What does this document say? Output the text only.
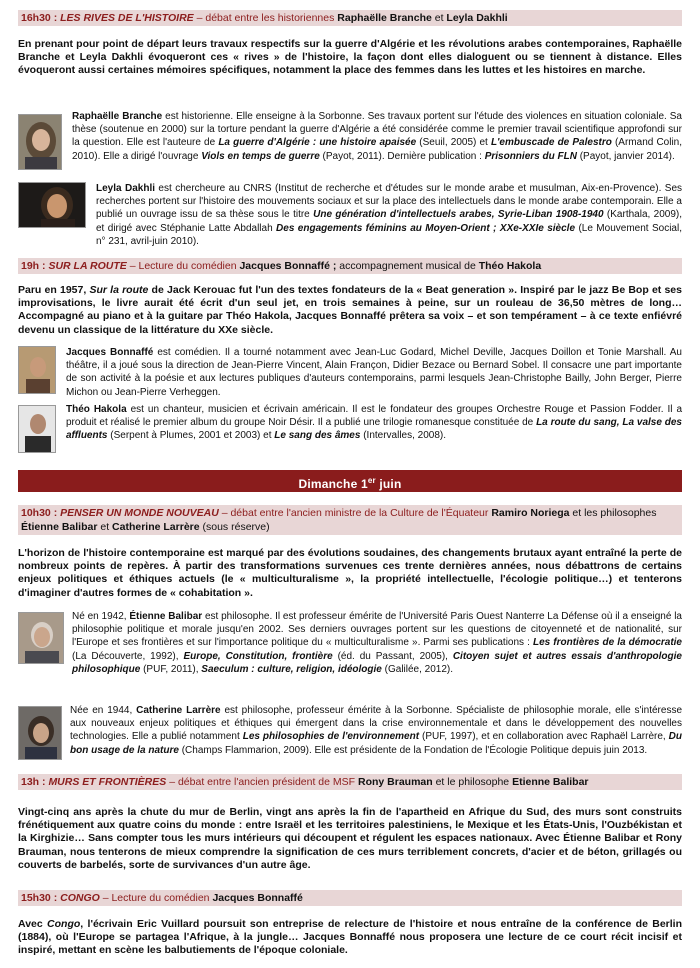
16h30 : LES RIVES DE L'HISTOIRE – débat entre les historiennes Raphaëlle Branche et Leyla Dakhli

En prenant pour point de départ leurs travaux respectifs sur la guerre d'Algérie et les révolutions arabes contemporaines, Raphaëlle Branche et Leyla Dakhli évoqueront ces « rives » de l'histoire, la façon dont elles dialoguent ou se tiennent à distance. Elles évoqueront aussi certaines mémoires spécifiques, notamment la place des femmes dans les luttes et les histoires en marche.

Raphaëlle Branche est historienne. Elle enseigne à la Sorbonne. Ses travaux portent sur l'étude des violences en situation coloniale. Sa thèse (soutenue en 2000) sur la torture pendant la guerre d'Algérie a été considérée comme le premier travail scientifique approfondi sur la question. Elle est l'auteure de La guerre d'Algérie : une histoire apaisée (Seuil, 2005) et L'embuscade de Palestro (Armand Colin, 2010). Elle a dirigé l'ouvrage Viols en temps de guerre (Payot, 2011). Dernière publication : Prisonniers du FLN (Payot, janvier 2014).

Leyla Dakhli est chercheure au CNRS (Institut de recherche et d'études sur le monde arabe et musulman, Aix-en-Provence). Ses recherches portent sur l'histoire des mouvements sociaux et sur la place des intellectuels dans le monde arabe contemporain. Elle a publié un ouvrage issu de sa thèse sous le titre Une génération d'intellectuels arabes, Syrie-Liban 1908-1940 (Karthala, 2009), et dirigé avec Stéphanie Latte Abdallah Des engagements féminins au Moyen-Orient ; XXe-XXIe siècle (Le Mouvement Social, n° 231, avril-juin 2010).

19h : SUR LA ROUTE – Lecture du comédien Jacques Bonnaffé ; accompagnement musical de Théo Hakola

Paru en 1957, Sur la route de Jack Kerouac fut l'un des textes fondateurs de la « Beat generation ». Inspiré par le jazz Be Bop et ses improvisations, le livre aurait été écrit d'un seul jet, en trois semaines à peine, sur un rouleau de 36,50 mètres de long… Accompagné au piano et à la guitare par Théo Hakola, Jacques Bonnaffé prêtera sa voix – et son tempérament – à ce texte enfiévré devenu un classique de la littérature du XXe siècle.

Jacques Bonnaffé est comédien. Il a tourné notamment avec Jean-Luc Godard, Michel Deville, Jacques Doillon et Tonie Marshall. Au théâtre, il a joué sous la direction de Jean-Pierre Vincent, Alain Françon, Didier Bezace ou Bernard Sobel. Il consacre une part importante de son activité à la poésie et aux lectures publiques d'auteurs contemporains, parmi lesquels Jean-Christophe Bailly, John Berger, Pierre Michon ou Jean-Pierre Verheggen.

Théo Hakola est un chanteur, musicien et écrivain américain. Il est le fondateur des groupes Orchestre Rouge et Passion Fodder. Il a produit et réalisé le premier album du groupe Noir Désir. Il a publié une trilogie romanesque constituée de La route du sang, La valse des affluents (Serpent à Plumes, 2001 et 2003) et Le sang des âmes (Intervalles, 2008).

Dimanche 1er juin
10h30 : PENSER UN MONDE NOUVEAU – débat entre l'ancien ministre de la Culture de l'Équateur Ramiro Noriega et les philosophes Étienne Balibar et Catherine Larrère (sous réserve)

L'horizon de l'histoire contemporaine est marqué par des évolutions soudaines, des changements brutaux ayant entraîné la perte de nombreux points de repères. À partir des transformations survenues ces trente dernières années, nous débattrons de certains enjeux politiques et éthiques actuels (le « multiculturalisme », la propriété intellectuelle, l'écologie politique…) et tenterons d'imaginer d'autres formes de « cohabitation ».

Né en 1942, Étienne Balibar est philosophe. Il est professeur émérite de l'Université Paris Ouest Nanterre La Défense où il a enseigné la philosophie politique et morale jusqu'en 2002. Ses derniers ouvrages portent sur les questions de citoyenneté et de nationalité, sur l'Europe et ses frontières et sur l'importance politique du « multiculturalisme ». Parmi ses publications : Les frontières de la démocratie (La Découverte, 1992), Europe, Constitution, frontière (éd. du Passant, 2005), Citoyen sujet et autres essais d'anthropologie philosophique (PUF, 2011), Saeculum : culture, religion, idéologie (Galilée, 2012).

Née en 1944, Catherine Larrère est philosophe, professeur émérite à la Sorbonne. Spécialiste de philosophie morale, elle s'intéresse aux nouveaux enjeux politiques et éthiques qui émergent dans la crise environnementale et dans le développement des nouvelles technologies. Elle a publié notamment Les philosophies de l'environnement (PUF, 1997), et en collaboration avec Raphaël Larrère, Du bon usage de la nature (Champs Flammarion, 2009). Elle est présidente de la Fondation de l'Écologie Politique depuis juin 2013.

13h : MURS ET FRONTIÈRES – débat entre l'ancien président de MSF Rony Brauman et le philosophe Etienne Balibar

Vingt-cinq ans après la chute du mur de Berlin, vingt ans après la fin de l'apartheid en Afrique du Sud, des murs sont construits frénétiquement aux quatre coins du monde : entre Israël et les territoires palestiniens, le Mexique et les États-Unis, l'Ouzbékistan et la Kirghizie… Sans compter tous les murs intérieurs qui découpent et régulent les espaces nationaux. Avec Étienne Balibar et Rony Brauman, nous tenterons de mieux comprendre la signification de ces murs terriblement concrets, d'acier et de béton, grillagés ou couverts de barbelés, sorte de survivances d'un autre âge.

15h30 : CONGO – Lecture du comédien Jacques Bonnaffé

Avec Congo, l'écrivain Eric Vuillard poursuit son entreprise de relecture de l'histoire et nous entraîne de la conférence de Berlin (1884), où l'Europe se partagea l'Afrique, à la jungle… Jacques Bonnaffé nous proposera une lecture de ce court récit incisif et inspiré, mettant en scène les balbutiements de l'époque coloniale.
